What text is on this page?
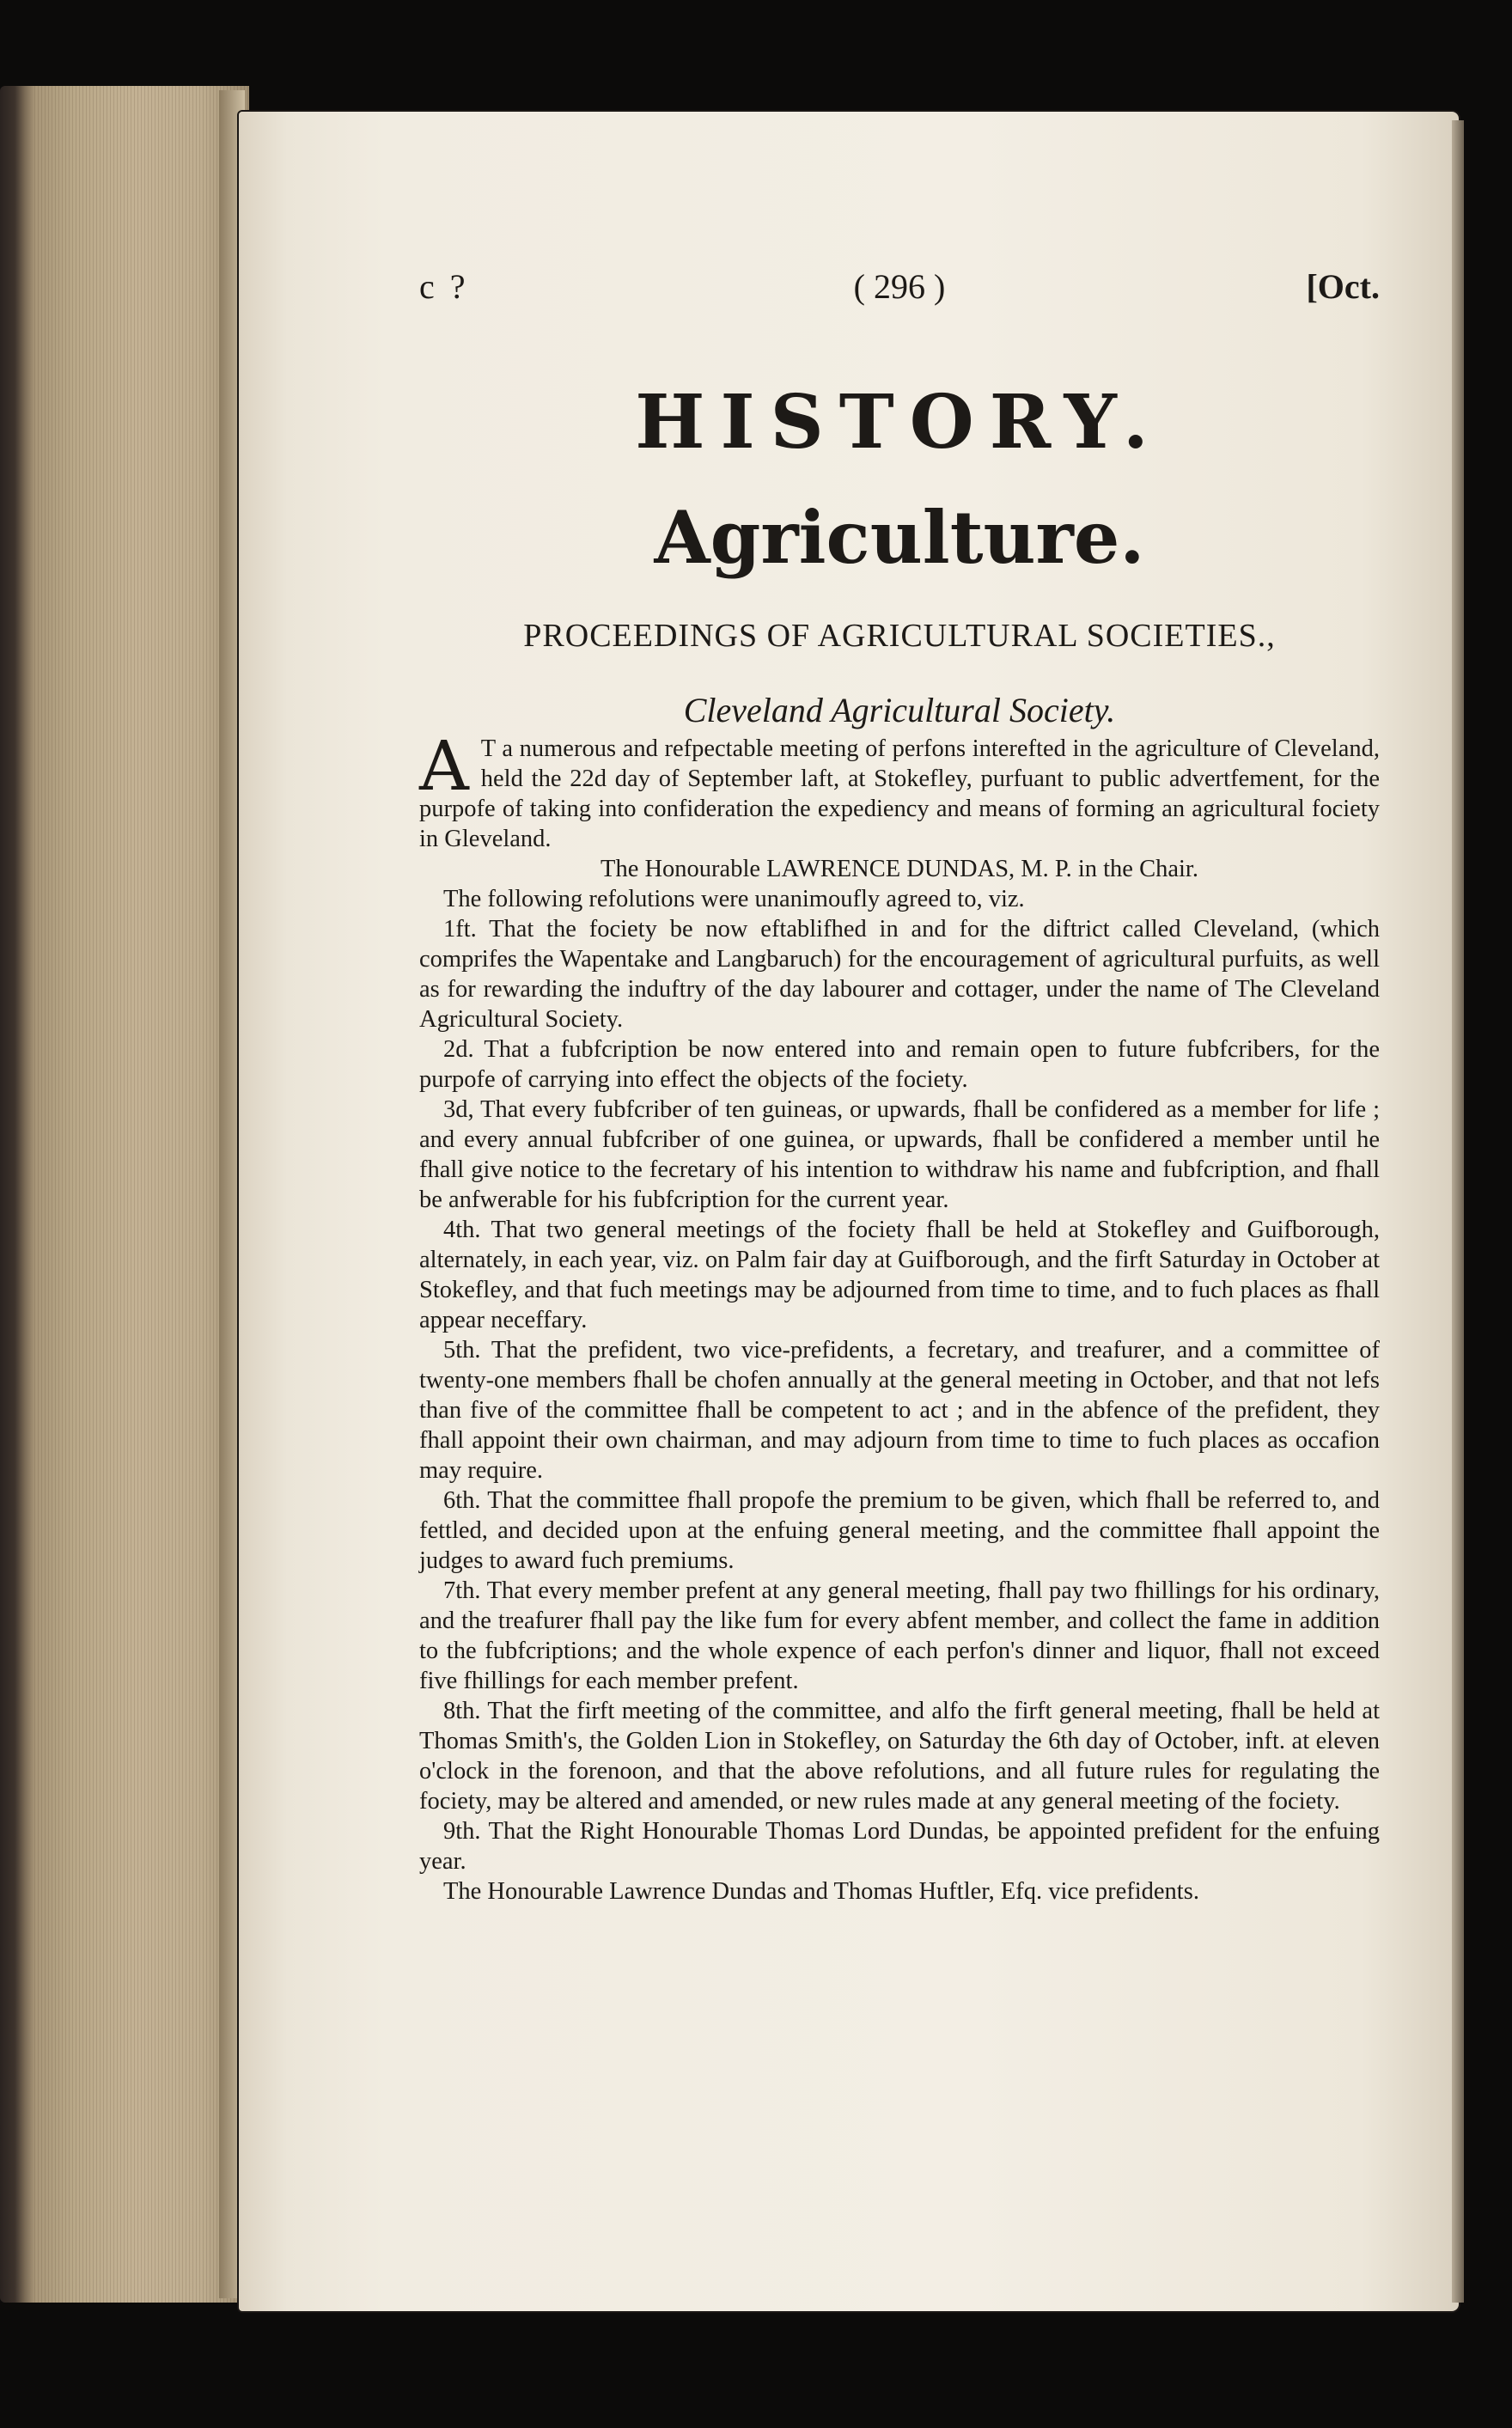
c ?	( 296 )	[Oct.
HISTORY.
Agriculture.
PROCEEDINGS OF AGRICULTURAL SOCIETIES.,
Cleveland Agricultural Society.

A T a numerous and refpectable meeting of perfons interefted in the agriculture of Cleveland, held the 22d day of September laft, at Stokefley, purfuant to public advertfement, for the purpofe of taking into confideration the expediency and means of forming an agricultural fociety in Gleveland.

The Honourable LAWRENCE DUNDAS, M. P. in the Chair.

The following refolutions were unanimoufly agreed to, viz.

1ft. That the fociety be now eftablifhed in and for the diftrict called Cleveland, (which comprifes the Wapentake and Langbaruch) for the encouragement of agricultural purfuits, as well as for rewarding the induftry of the day labourer and cottager, under the name of The Cleveland Agricultural Society.

2d. That a fubfcription be now entered into and remain open to future fubfcribers, for the purpofe of carrying into effect the objects of the fociety.

3d, That every fubfcriber of ten guineas, or upwards, fhall be confidered as a member for life ; and every annual fubfcriber of one guinea, or upwards, fhall be confidered a member until he fhall give notice to the fecretary of his intention to withdraw his name and fubfcription, and fhall be anfwerable for his fubfcription for the current year.

4th. That two general meetings of the fociety fhall be held at Stokefley and Guifborough, alternately, in each year, viz. on Palm fair day at Guifborough, and the firft Saturday in October at Stokefley, and that fuch meetings may be adjourned from time to time, and to fuch places as fhall appear neceffary.

5th. That the prefident, two vice-prefidents, a fecretary, and treafurer, and a committee of twenty-one members fhall be chofen annually at the general meeting in October, and that not lefs than five of the committee fhall be competent to act ; and in the abfence of the prefident, they fhall appoint their own chairman, and may adjourn from time to time to fuch places as occafion may require.

6th. That the committee fhall propofe the premium to be given, which fhall be referred to, and fettled, and decided upon at the enfuing general meeting, and the committee fhall appoint the judges to award fuch premiums.

7th. That every member prefent at any general meeting, fhall pay two fhillings for his ordinary, and the treafurer fhall pay the like fum for every abfent member, and collect the fame in addition to the fubfcriptions; and the whole expence of each perfon's dinner and liquor, fhall not exceed five fhillings for each member prefent.

8th. That the firft meeting of the committee, and alfo the firft general meeting, fhall be held at Thomas Smith's, the Golden Lion in Stokefley, on Saturday the 6th day of October, inft. at eleven o'clock in the forenoon, and that the above refolutions, and all future rules for regulating the fociety, may be altered and amended, or new rules made at any general meeting of the fociety.

9th. That the Right Honourable Thomas Lord Dundas, be appointed prefident for the enfuing year.

The Honourable Lawrence Dundas and Thomas Huftler, Efq. vice prefidents.
